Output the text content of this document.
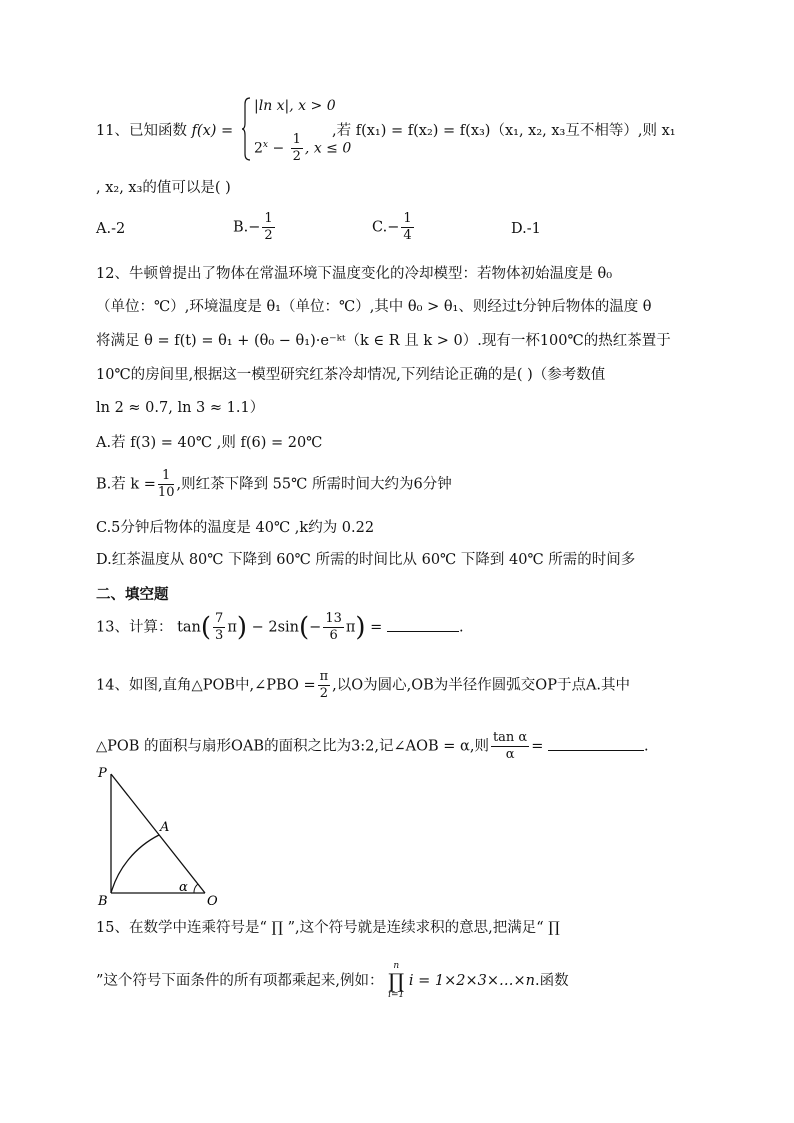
11、已知函数 f(x) =
|ln x|, x > 0
$2^x - \frac{1}{2}$ , x ≤ 0
,若 f(x₁) = f(x₂) = f(x₃)（x₁, x₂, x₃互不相等）,则 x₁
, x₂, x₃的值可以是( )
A.-2	$B.- \frac{1}{2}$	$C.- \frac{1}{4}$	D.-1
12、牛顿曾提出了物体在常温环境下温度变化的冷却模型：若物体初始温度是 θ₀
（单位：℃）,环境温度是 θ₁（单位：℃）,其中 θ₀ > θ₁、则经过t分钟后物体的温度 θ
将满足 θ = f(t) = θ₁ + (θ₀ − θ₁)·e⁻ᵏᵗ（k ∈ R 且 k > 0）.现有一杯100℃的热红茶置于
10℃的房间里,根据这一模型研究红茶冷却情况,下列结论正确的是( )（参考数值
ln 2 ≈ 0.7, ln 3 ≈ 1.1）
A.若 f(3) = 40℃ ,则 f(6) = 20℃
B.若 $k = \frac{1}{10}$ ,则红茶下降到 55℃ 所需时间大约为6分钟
C.5分钟后物体的温度是 40℃ ,k约为 0.22
D.红茶温度从 80℃ 下降到 60℃ 所需的时间比从 60℃ 下降到 40℃ 所需的时间多
二、填空题
13、计算： $\tan( \frac{7}{3} \pi) - 2\sin(- \frac{13}{6} \pi)$ =	.
14、如图,直角△POB中,∠PBO = $\frac{\pi}{2}$ ,以O为圆心,OB为半径作圆弧交OP于点A.其中
△POB 的面积与扇形OAB的面积之比为3:2,记∠AOB = α,则 $\frac{\text{tan α}}{\alpha}$ =	.
P
A
B	O
α
15、在数学中连乘符号是“ ∏ ”,这个符号就是连续求积的意思,把满足“ ∏
”这个符号下面条件的所有项都乘起来,例如：
n
∏
i=1
i = 1×2×3×…×n.函数
